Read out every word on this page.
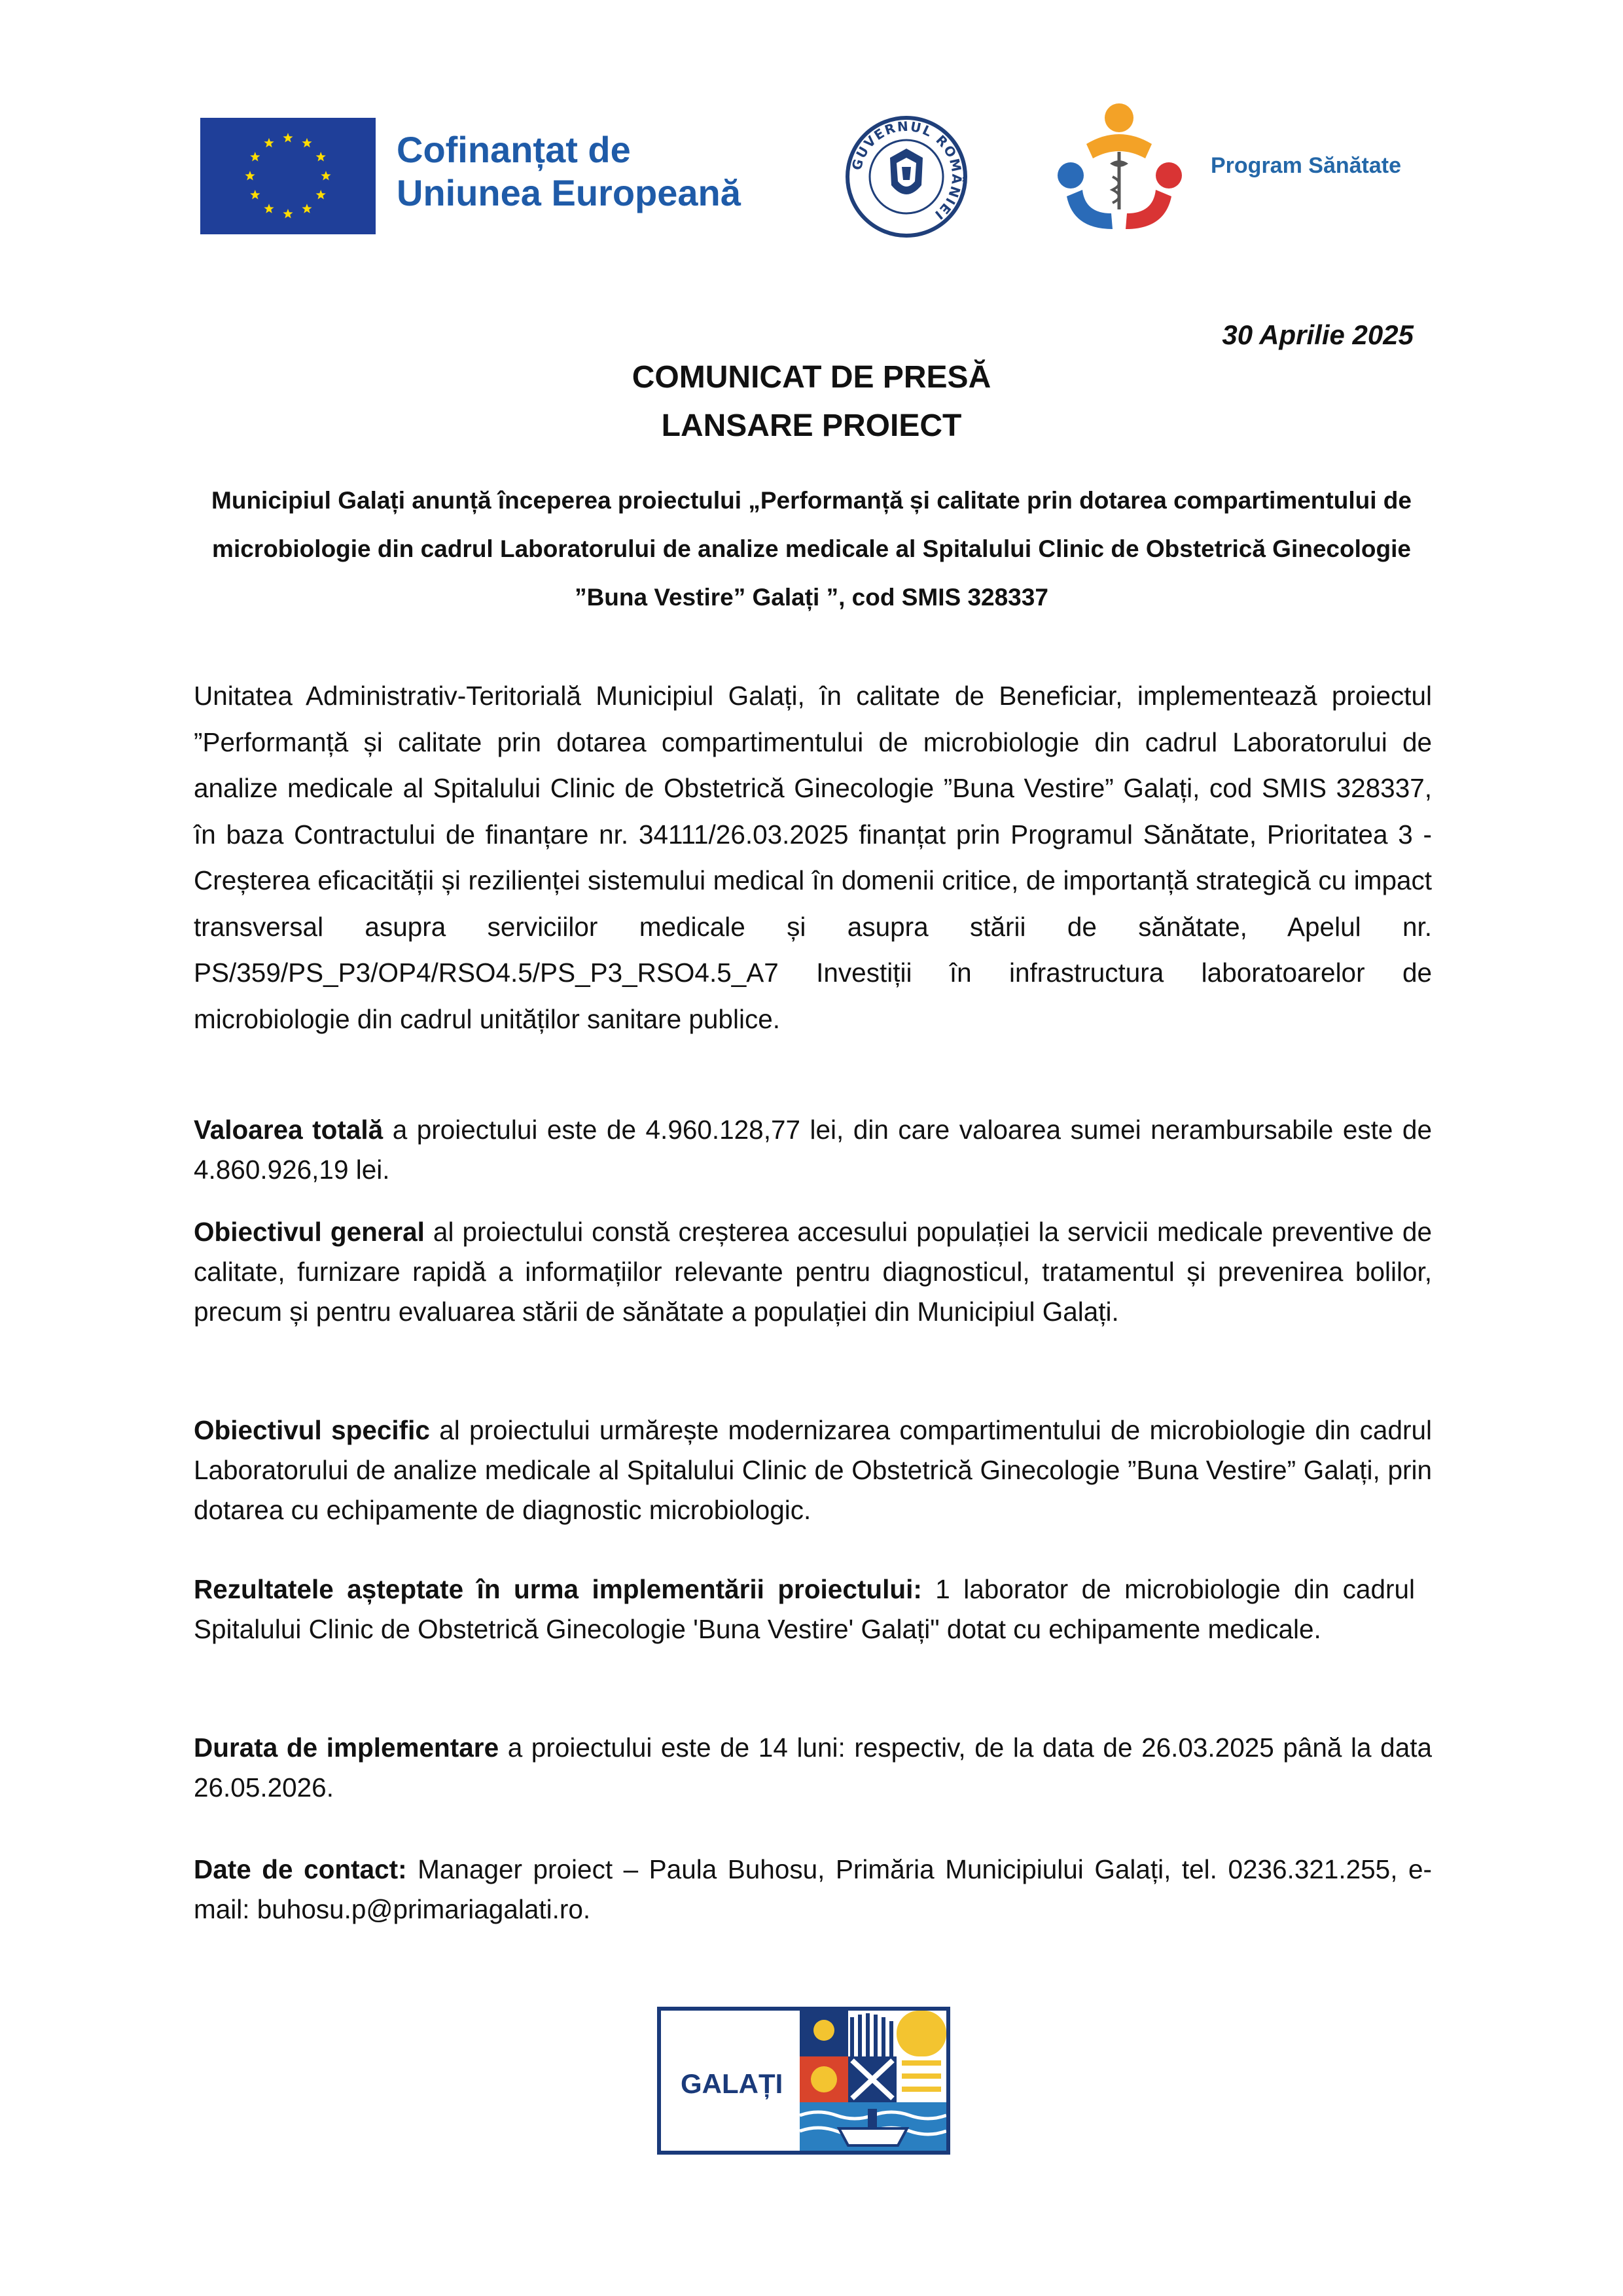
Cofinanțat de
Uniunea Europeană
GUVERNUL ROMÂNIEI
Program Sănătate
30 Aprilie 2025
COMUNICAT DE PRESĂ
LANSARE PROIECT
Municipiul Galați anunță începerea proiectului „Performanță și calitate prin dotarea compartimentului de microbiologie din cadrul Laboratorului de analize medicale al Spitalului Clinic de Obstetrică Ginecologie ”Buna Vestire” Galați ”, cod SMIS 328337
Unitatea Administrativ-Teritorială Municipiul Galați, în calitate de Beneficiar, implementează proiectul ”Performanță și calitate prin dotarea compartimentului de microbiologie din cadrul Laboratorului de analize medicale al Spitalului Clinic de Obstetrică Ginecologie ”Buna Vestire” Galați, cod SMIS 328337, în baza Contractului de finanțare nr. 34111/26.03.2025 finanțat prin Programul Sănătate, Prioritatea 3 - Creșterea eficacității și rezilienței sistemului medical în domenii critice, de importanță strategică cu impact transversal asupra serviciilor medicale și asupra stării de sănătate, Apelul nr. PS/359/PS_P3/OP4/RSO4.5/PS_P3_RSO4.5_A7 Investiții în infrastructura laboratoarelor de microbiologie din cadrul unităților sanitare publice.
Valoarea totală a proiectului este de 4.960.128,77 lei, din care valoarea sumei nerambursabile este de 4.860.926,19 lei.
Obiectivul general al proiectului constă creșterea accesului populației la servicii medicale preventive de calitate, furnizare rapidă a informațiilor relevante pentru diagnosticul, tratamentul și prevenirea bolilor, precum și pentru evaluarea stării de sănătate a populației din Municipiul Galați.
Obiectivul specific al proiectului urmărește modernizarea compartimentului de microbiologie din cadrul Laboratorului de analize medicale al Spitalului Clinic de Obstetrică Ginecologie ”Buna Vestire” Galați, prin dotarea cu echipamente de diagnostic microbiologic.
Rezultatele așteptate în urma implementării proiectului: 1 laborator de microbiologie din cadrul Spitalului Clinic de Obstetrică Ginecologie 'Buna Vestire' Galați" dotat cu echipamente medicale.
Durata de implementare a proiectului este de 14 luni: respectiv, de la data de 26.03.2025 până la data 26.05.2026.
Date de contact: Manager proiect – Paula Buhosu, Primăria Municipiului Galați, tel. 0236.321.255, e-mail: buhosu.p@primariagalati.ro.
GALAȚI
